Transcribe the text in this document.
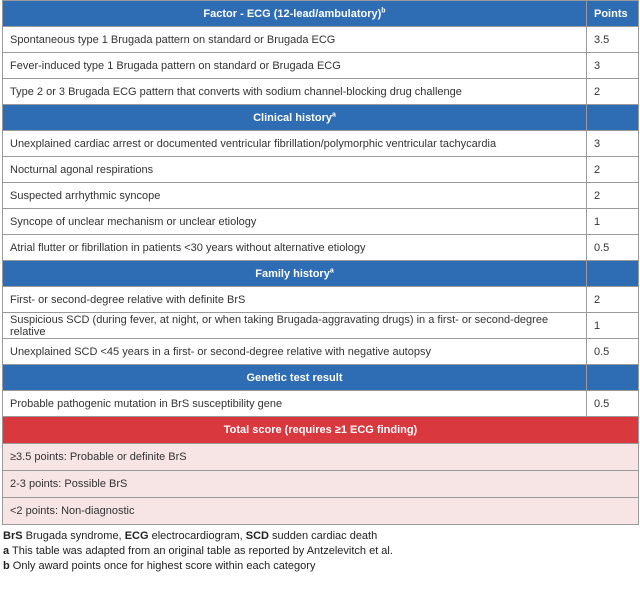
Factor - ECG (12-lead/ambulatory)$^b$	Points
Spontaneous type 1 Brugada pattern on standard or Brugada ECG	3.5
Fever-induced type 1 Brugada pattern on standard or Brugada ECG	3
Type 2 or 3 Brugada ECG pattern that converts with sodium channel-blocking drug challenge	2
Clinical history$^a$	
Unexplained cardiac arrest or documented ventricular fibrillation/polymorphic ventricular tachycardia	3
Nocturnal agonal respirations	2
Suspected arrhythmic syncope	2
Syncope of unclear mechanism or unclear etiology	1
Atrial flutter or fibrillation in patients <30 years without alternative etiology	0.5
Family history$^a$	
First- or second-degree relative with definite BrS	2
Suspicious SCD (during fever, at night, or when taking Brugada-aggravating drugs) in a first- or second-degree relative	1
Unexplained SCD <45 years in a first- or second-degree relative with negative autopsy	0.5
Genetic test result	
Probable pathogenic mutation in BrS susceptibility gene	0.5
Total score (requires ≥1 ECG finding)	
≥3.5 points: Probable or definite BrS	
2-3 points: Possible BrS	
<2 points: Non-diagnostic	
BrS Brugada syndrome, ECG electrocardiogram, SCD sudden cardiac death
a This table was adapted from an original table as reported by Antzelevitch et al.
b Only award points once for highest score within each category
